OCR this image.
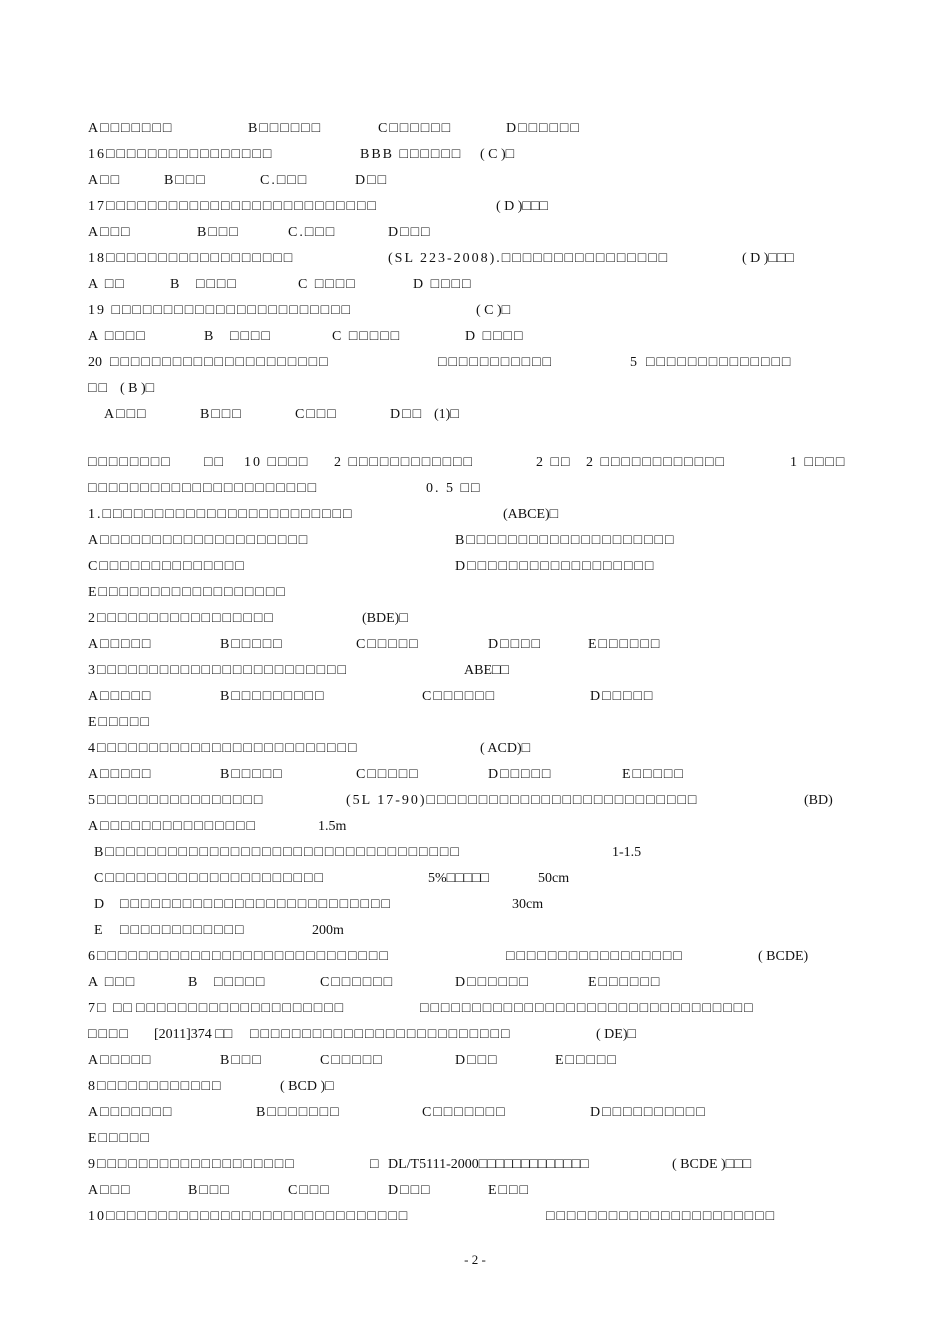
A□□□□□□□	B□□□□□□	C□□□□□□	D□□□□□□
16□□□□□□□□□□□□□□□□	BBB □□□□□□ ( C )□
A□□	B□□□	C.□□□	D□□
17□□□□□□□□□□□□□□□□□□□□□□□□□□	( D )□□□
A□□□	B□□□	C.□□□	D□□□
18□□□□□□□□□□□□□□□□□□	(SL 223-2008).□□□□□□□□□□□□□□□□	( D )□□□
A □□	B □□□□	C □□□□	D □□□□
19 □□□□□□□□□□□□□□□□□□□□□□□	( C )□
A □□□□	B □□□□	C □□□□□	D □□□□
20 □□□□□□□□□□□□□□□□□□□□□	□□□□□□□□□□□	5 □□□□□□□□□□□□□□
□□ ( B )□
A□□□	B□□□	C□□□	D□□ (1)□
□□□□□□□□ □□ 10 □□□□ 2 □□□□□□□□□□□□	2 □□ 2 □□□□□□□□□□□□	1 □□□□
□□□□□□□□□□□□□□□□□□□□□□	0. 5 □□
1.□□□□□□□□□□□□□□□□□□□□□□□□	(ABCE)□
A□□□□□□□□□□□□□□□□□□□□	B□□□□□□□□□□□□□□□□□□□□
C□□□□□□□□□□□□□□	D□□□□□□□□□□□□□□□□□□
E□□□□□□□□□□□□□□□□□□
2□□□□□□□□□□□□□□□□□	(BDE)□
A□□□□□	B□□□□□	C□□□□□	D□□□□	E□□□□□□
3□□□□□□□□□□□□□□□□□□□□□□□□	ABE□□
A□□□□□	B□□□□□□□□□	C□□□□□□	D□□□□□
E□□□□□
4□□□□□□□□□□□□□□□□□□□□□□□□□	( ACD)□
A□□□□□	B□□□□□	C□□□□□	D□□□□□	E□□□□□
5□□□□□□□□□□□□□□□□	(5L 17-90)□□□□□□□□□□□□□□□□□□□□□□□□□□	(BD)
A□□□□□□□□□□□□□□□	1.5m
B□□□□□□□□□□□□□□□□□□□□□□□□□□□□□□□□□□	1-1.5
C□□□□□□□□□□□□□□□□□□□□□	5%□□□□□	50cm
D □□□□□□□□□□□□□□□□□□□□□□□□□□	30cm
E □□□□□□□□□□□□	200m
6□□□□□□□□□□□□□□□□□□□□□□□□□□□□	□□□□□□□□□□□□□□□□□	( BCDE)
A □□□	B □□□□□	C□□□□□□	D□□□□□□	E□□□□□□
7□ □□ □□□□□□□□□□□□□□□□□□□□	□□□□□□□□□□□□□□□□□□□□□□□□□□□□□□□□
□□□□ [2011]374 □□ □□□□□□□□□□□□□□□□□□□□□□□□□	( DE)□
A□□□□□	B□□□	C□□□□□	D□□□	E□□□□□
8□□□□□□□□□□□□	( BCD )□
A□□□□□□□	B□□□□□□□	C□□□□□□□	D□□□□□□□□□□
E□□□□□
9□□□□□□□□□□□□□□□□□□□	□ DL/T5111-2000□□□□□□□□□□□□□	( BCDE )□□□
A□□□	B□□□	C□□□	D□□□	E□□□
10□□□□□□□□□□□□□□□□□□□□□□□□□□□□□	□□□□□□□□□□□□□□□□□□□□□□
- 2 -
